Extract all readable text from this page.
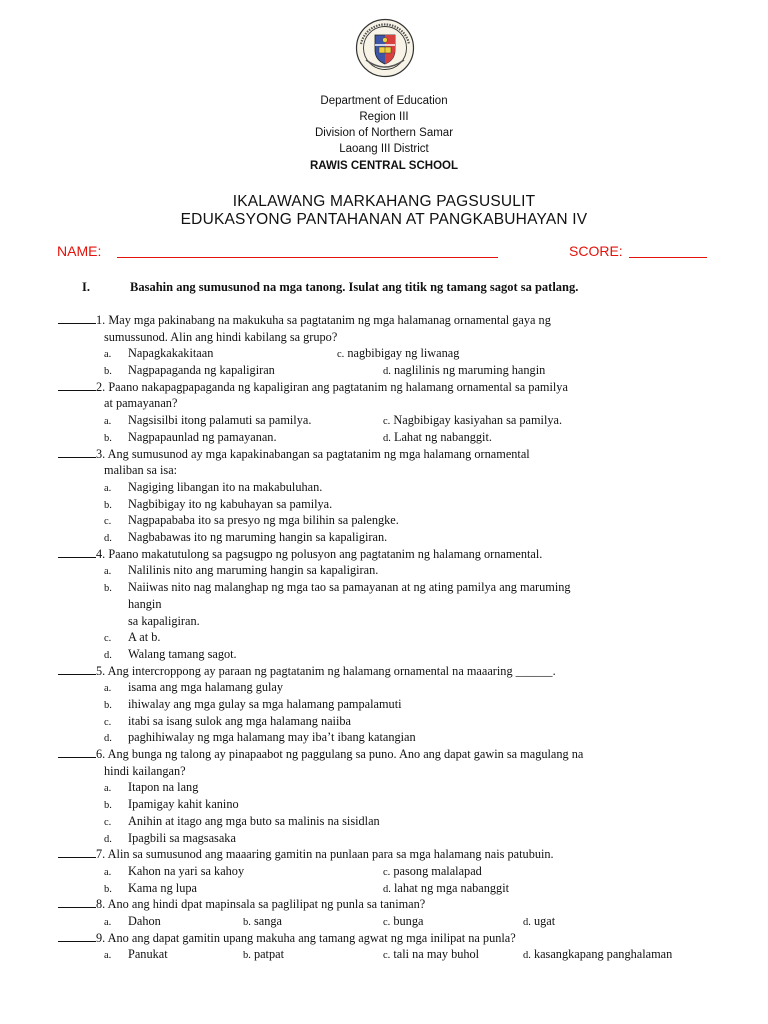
Department of Education
Region III
Division of Northern Samar
Laoang III District
RAWIS CENTRAL SCHOOL
IKALAWANG MARKAHANG PAGSUSULIT
EDUKASYONG PANTAHANAN AT PANGKABUHAYAN IV
NAME:	SCORE:
I.	Basahin ang sumusunod na mga tanong. Isulat ang titik ng tamang sagot sa patlang.
1. May mga pakinabang na makukuha sa pagtatanim ng mga halamanag ornamental gaya ng
sumussunod. Alin ang hindi kabilang sa grupo?
a. Napagkakakitaan	c. nagbibigay ng liwanag
b. Nagpapaganda ng kapaligiran	d. naglilinis ng maruming hangin
2. Paano nakapagpapaganda ng kapaligiran ang pagtatanim ng halamang ornamental sa pamilya
at pamayanan?
a. Nagsisilbi itong palamuti sa pamilya.	c. Nagbibigay kasiyahan sa pamilya.
b. Nagpapaunlad ng pamayanan.	d. Lahat ng nabanggit.
3. Ang sumusunod ay mga kapakinabangan sa pagtatanim ng mga halamang ornamental
maliban sa isa:
a. Nagiging libangan ito na makabuluhan.
b. Nagbibigay ito ng kabuhayan sa pamilya.
c. Nagpapababa ito sa presyo ng mga bilihin sa palengke.
d. Nagbabawas ito ng maruming hangin sa kapaligiran.
4. Paano makatutulong sa pagsugpo ng polusyon ang pagtatanim ng halamang ornamental.
a. Nalilinis nito ang maruming hangin sa kapaligiran.
b. Naiiwas nito nag malanghap ng mga tao sa pamayanan at ng ating pamilya ang maruming
hangin
sa kapaligiran.
c. A at b.
d. Walang tamang sagot.
5. Ang intercroppong ay paraan ng pagtatanim ng halamang ornamental na maaaring ______.
a. isama ang mga halamang gulay
b. ihiwalay ang mga gulay sa mga halamang pampalamuti
c. itabi sa isang sulok ang mga halamang naiiba
d. paghihiwalay ng mga halamang may iba’t ibang katangian
6. Ang bunga ng talong ay pinapaabot ng paggulang sa puno. Ano ang dapat gawin sa magulang na
hindi kailangan?
a. Itapon na lang
b. Ipamigay kahit kanino
c. Anihin at itago ang mga buto sa malinis na sisidlan
d. Ipagbili sa magsasaka
7. Alin sa sumusunod ang maaaring gamitin na punlaan para sa mga halamang nais patubuin.
a. Kahon na yari sa kahoy	c. pasong malalapad
b. Kama ng lupa	d. lahat ng mga nabanggit
8. Ano ang hindi dpat mapinsala sa paglilipat ng punla sa taniman?
a. Dahon	b. sanga	c. bunga	d. ugat
9. Ano ang dapat gamitin upang makuha ang tamang agwat ng mga inilipat na punla?
a. Panukat	b. patpat	c. tali na may buhol	d. kasangkapang panghalaman
